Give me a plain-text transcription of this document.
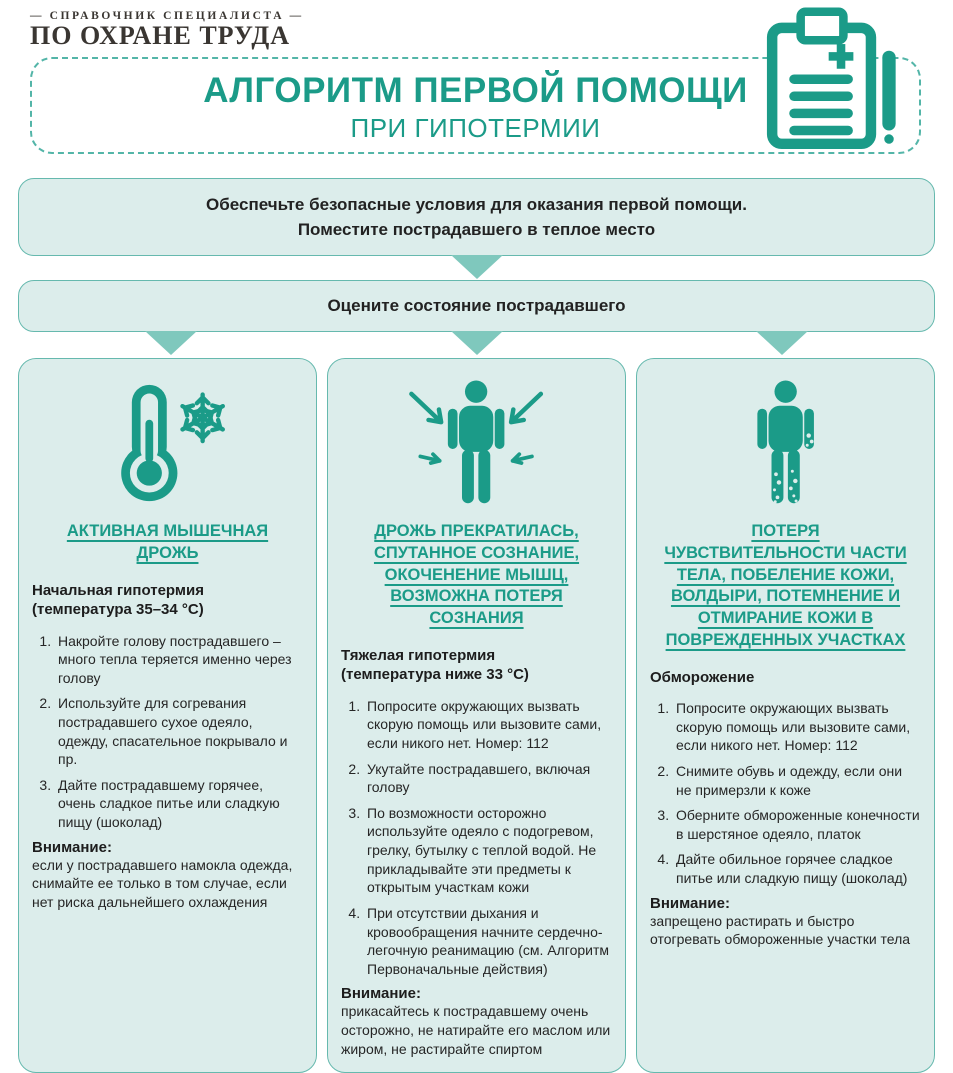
— СПРАВОЧНИК СПЕЦИАЛИСТА —
ПО ОХРАНЕ ТРУДА
АЛГОРИТМ ПЕРВОЙ ПОМОЩИ
ПРИ ГИПОТЕРМИИ
Обеспечьте безопасные условия для оказания первой помощи.
Поместите пострадавшего в теплое место
Оцените состояние пострадавшего
АКТИВНАЯ МЫШЕЧНАЯ ДРОЖЬ
Начальная гипотермия (температура 35–34 °С)
1. Накройте голову пострадавшего – много тепла теряется именно через голову
2. Используйте для согревания пострадавшего сухое одеяло, одежду, спасательное покрывало и пр.
3. Дайте пострадавшему горячее, очень сладкое питье или сладкую пищу (шоколад)
Внимание:
если у пострадавшего намокла одежда, снимайте ее только в том случае, если нет риска дальнейшего охлаждения
ДРОЖЬ ПРЕКРАТИЛАСЬ, СПУТАННОЕ СОЗНАНИЕ, ОКОЧЕНЕНИЕ МЫШЦ, ВОЗМОЖНА ПОТЕРЯ СОЗНАНИЯ
Тяжелая гипотермия (температура ниже 33 °С)
1. Попросите окружающих вызвать скорую помощь или вызовите сами, если никого нет. Номер: 112
2. Укутайте пострадавшего, включая голову
3. По возможности осторожно используйте одеяло с подогревом, грелку, бутылку с теплой водой. Не прикладывайте эти предметы к открытым участкам кожи
4. При отсутствии дыхания и кровообращения начните сердечно-легочную реанимацию (см. Алгоритм Первоначальные действия)
Внимание:
прикасайтесь к пострадавшему очень осторожно, не натирайте его маслом или жиром, не растирайте спиртом
ПОТЕРЯ ЧУВСТВИТЕЛЬНОСТИ ЧАСТИ ТЕЛА, ПОБЕЛЕНИЕ КОЖИ, ВОЛДЫРИ, ПОТЕМНЕНИЕ И ОТМИРАНИЕ КОЖИ В ПОВРЕЖДЕННЫХ УЧАСТКАХ
Обморожение
1. Попросите окружающих вызвать скорую помощь или вызовите сами, если никого нет. Номер: 112
2. Снимите обувь и одежду, если они не примерзли к коже
3. Оберните обмороженные конечности в шерстяное одеяло, платок
4. Дайте обильное горячее сладкое питье или сладкую пищу (шоколад)
Внимание:
запрещено растирать и быстро отогревать обмороженные участки тела
